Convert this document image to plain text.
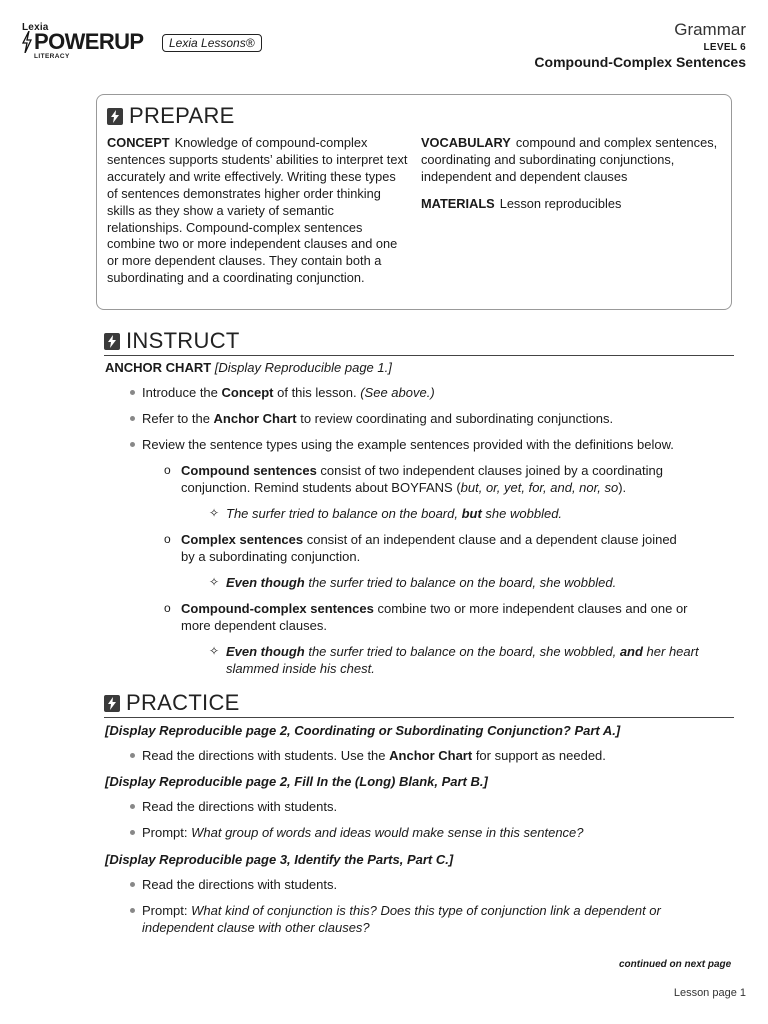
Lexia
POWERUP
LITERACY
Lexia Lessons®
Grammar
LEVEL 6
Compound-Complex Sentences
PREPARE
CONCEPT Knowledge of compound-complex sentences supports students’ abilities to interpret text accurately and write effectively. Writing these types of sentences demonstrates higher order thinking skills as they show a variety of semantic relationships. Compound-complex sentences combine two or more independent clauses and one or more dependent clauses. They contain both a subordinating and a coordinating conjunction.
VOCABULARY compound and complex sentences, coordinating and subordinating conjunctions, independent and dependent clauses
MATERIALS Lesson reproducibles
INSTRUCT
ANCHOR CHART [Display Reproducible page 1.]
Introduce the Concept of this lesson. (See above.)
Refer to the Anchor Chart to review coordinating and subordinating conjunctions.
Review the sentence types using the example sentences provided with the definitions below.
o Compound sentences consist of two independent clauses joined by a coordinating
conjunction. Remind students about BOYFANS (but, or, yet, for, and, nor, so).
✧ The surfer tried to balance on the board, but she wobbled.
o Complex sentences consist of an independent clause and a dependent clause joined
by a subordinating conjunction.
✧ Even though the surfer tried to balance on the board, she wobbled.
o Compound-complex sentences combine two or more independent clauses and one or
more dependent clauses.
✧ Even though the surfer tried to balance on the board, she wobbled, and her heart
slammed inside his chest.
PRACTICE
[Display Reproducible page 2, Coordinating or Subordinating Conjunction? Part A.]
Read the directions with students. Use the Anchor Chart for support as needed.
[Display Reproducible page 2, Fill In the (Long) Blank, Part B.]
Read the directions with students.
Prompt: What group of words and ideas would make sense in this sentence?
[Display Reproducible page 3, Identify the Parts, Part C.]
Read the directions with students.
Prompt: What kind of conjunction is this? Does this type of conjunction link a dependent or
independent clause with other clauses?
continued on next page
Lesson page 1
